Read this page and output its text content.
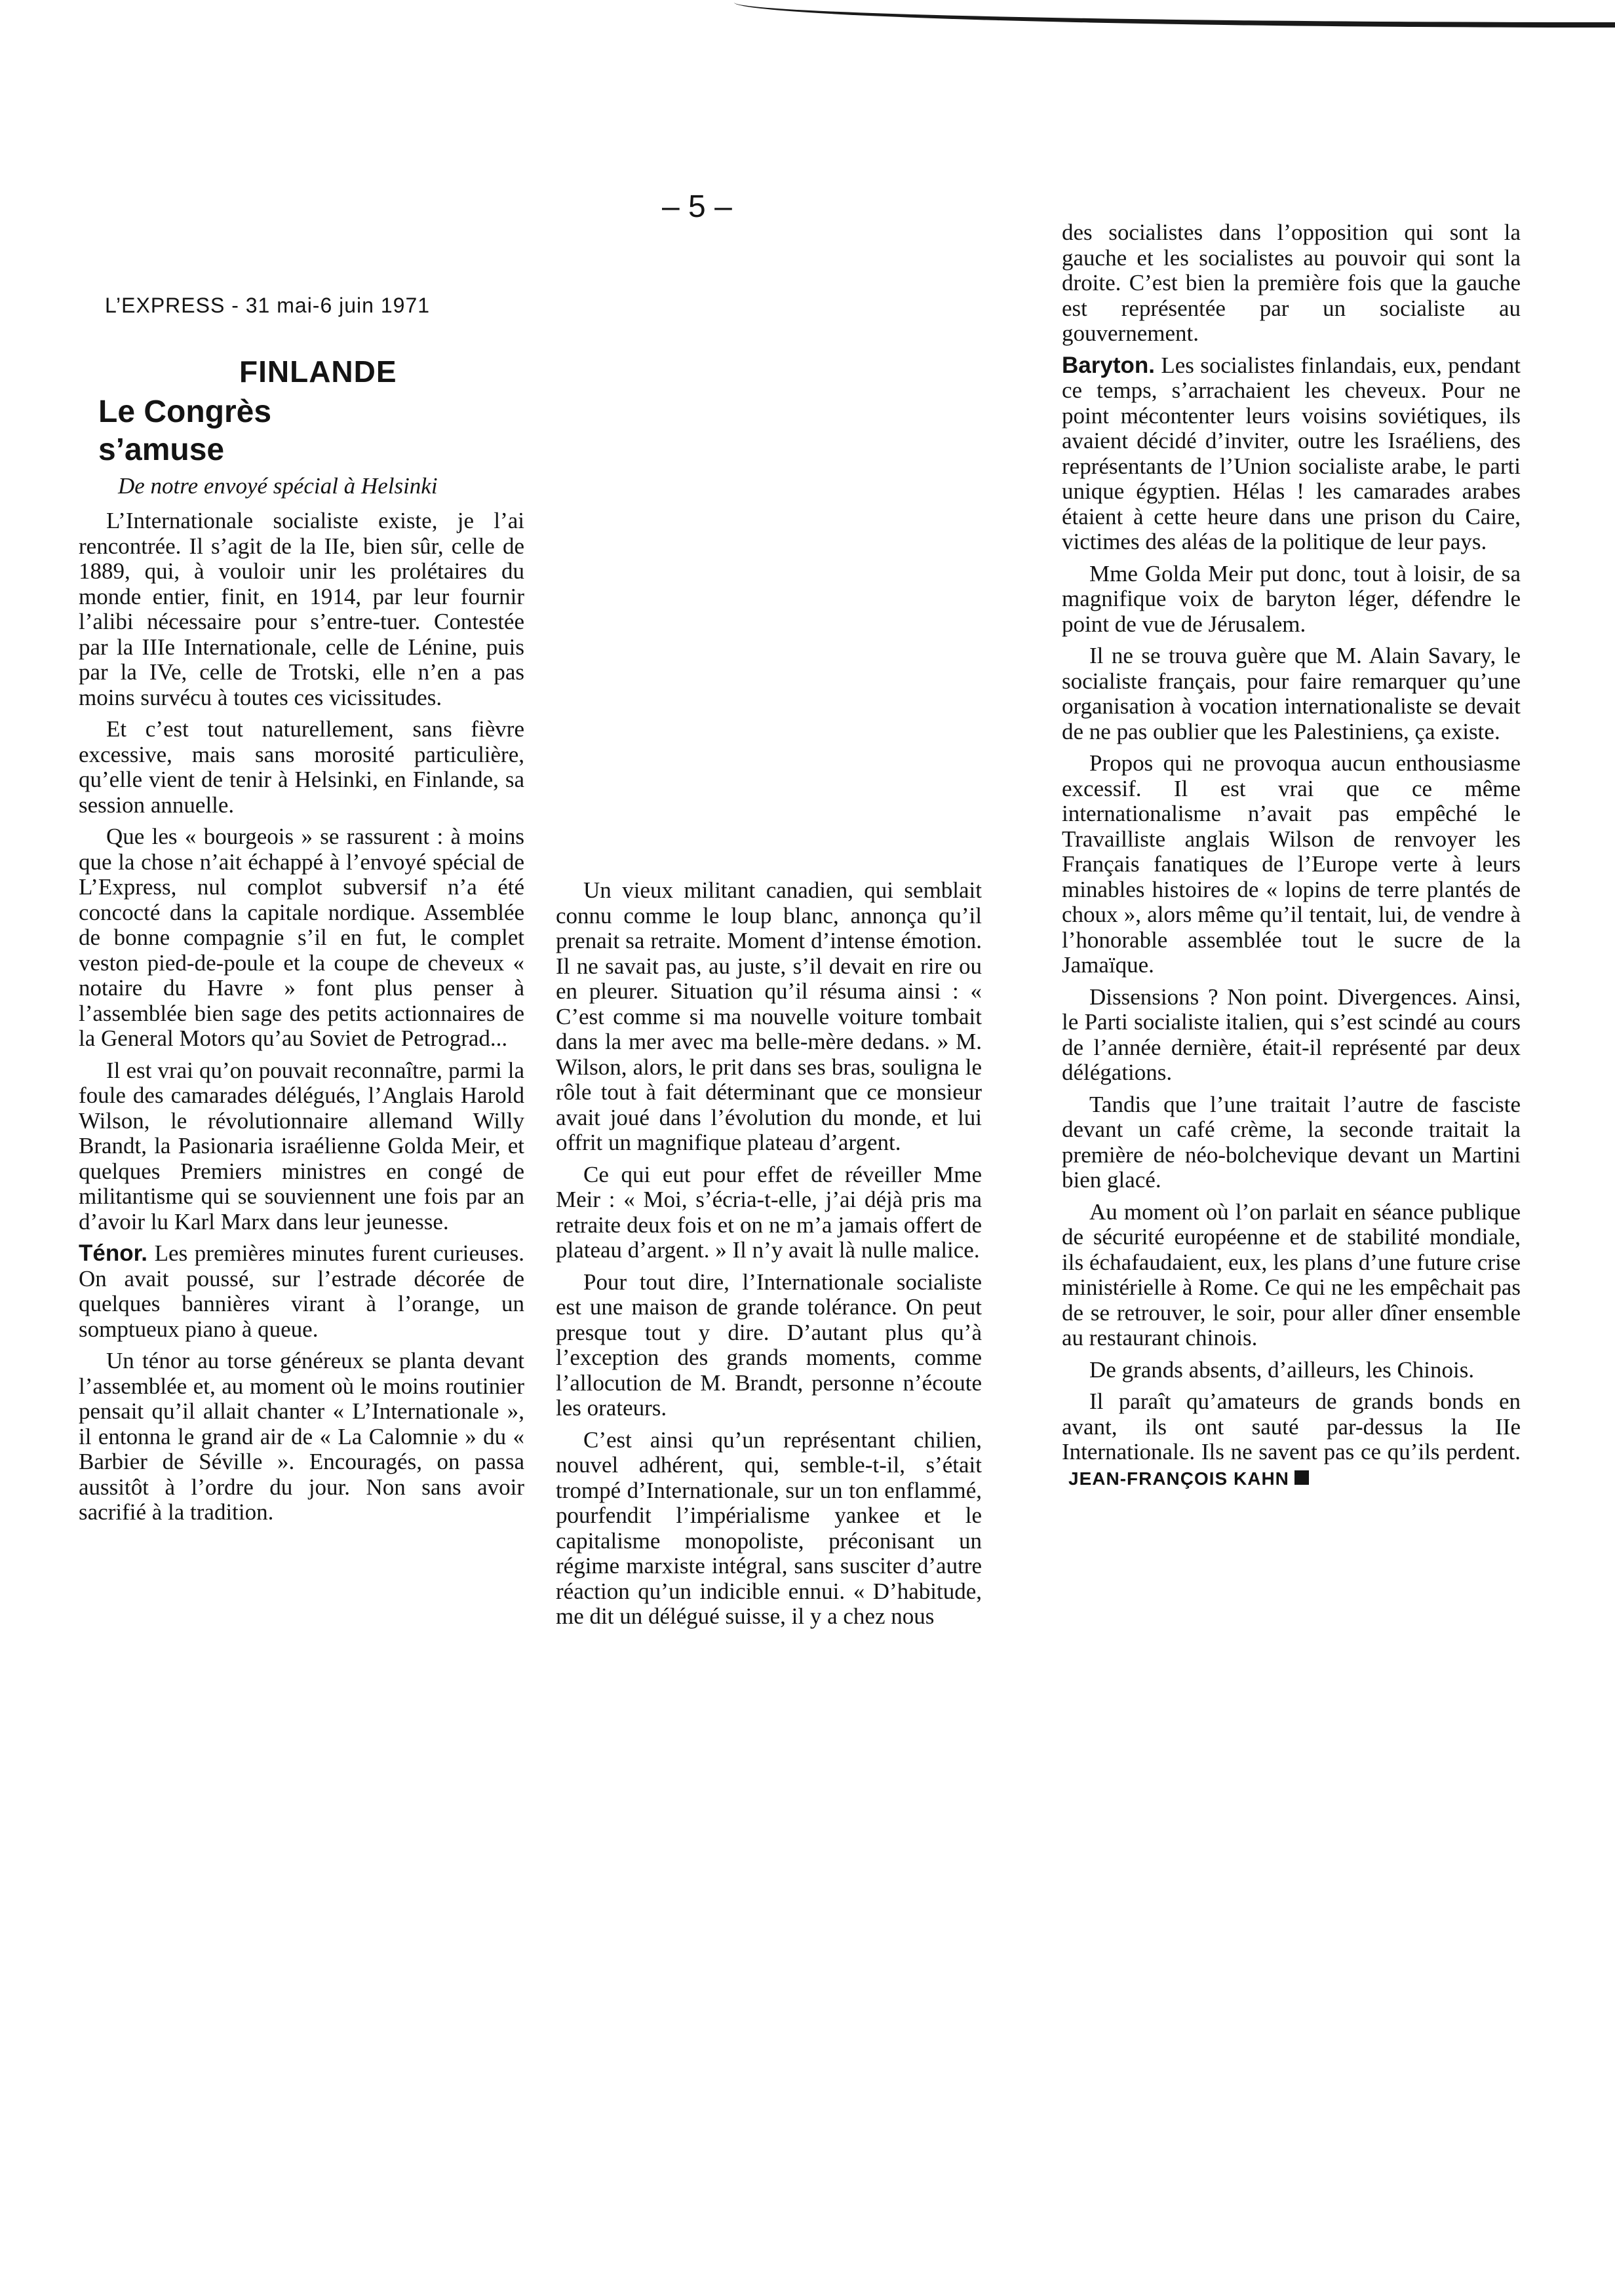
– 5 –
L’EXPRESS - 31 mai-6 juin 1971
FINLANDE
Le Congrès
s’amuse
De notre envoyé spécial à Helsinki

L’Internationale socialiste existe, je l’ai rencontrée. Il s’agit de la IIe, bien sûr, celle de 1889, qui, à vouloir unir les prolétaires du monde entier, finit, en 1914, par leur fournir l’alibi nécessaire pour s’entre-tuer. Contestée par la IIIe Internationale, celle de Lénine, puis par la IVe, celle de Trotski, elle n’en a pas moins survécu à toutes ces vicissitudes.

Et c’est tout naturellement, sans fièvre excessive, mais sans morosité particulière, qu’elle vient de tenir à Helsinki, en Finlande, sa session annuelle.

Que les « bourgeois » se rassurent : à moins que la chose n’ait échappé à l’envoyé spécial de L’Express, nul complot subversif n’a été concocté dans la capitale nordique. Assemblée de bonne compagnie s’il en fut, le complet veston pied-de-poule et la coupe de cheveux « notaire du Havre » font plus penser à l’assemblée bien sage des petits actionnaires de la General Motors qu’au Soviet de Petrograd...

Il est vrai qu’on pouvait reconnaître, parmi la foule des camarades délégués, l’Anglais Harold Wilson, le révolutionnaire allemand Willy Brandt, la Pasionaria israélienne Golda Meir, et quelques Premiers ministres en congé de militantisme qui se souviennent une fois par an d’avoir lu Karl Marx dans leur jeunesse.

Ténor. Les premières minutes furent curieuses. On avait poussé, sur l’estrade décorée de quelques bannières virant à l’orange, un somptueux piano à queue.

Un ténor au torse généreux se planta devant l’assemblée et, au moment où le moins routinier pensait qu’il allait chanter « L’Internationale », il entonna le grand air de « La Calomnie » du « Barbier de Séville ». Encouragés, on passa aussitôt à l’ordre du jour. Non sans avoir sacrifié à la tradition.

Un vieux militant canadien, qui semblait connu comme le loup blanc, annonça qu’il prenait sa retraite. Moment d’intense émotion. Il ne savait pas, au juste, s’il devait en rire ou en pleurer. Situation qu’il résuma ainsi : « C’est comme si ma nouvelle voiture tombait dans la mer avec ma belle-mère dedans. » M. Wilson, alors, le prit dans ses bras, souligna le rôle tout à fait déterminant que ce monsieur avait joué dans l’évolution du monde, et lui offrit un magnifique plateau d’argent.

Ce qui eut pour effet de réveiller Mme Meir : « Moi, s’écria-t-elle, j’ai déjà pris ma retraite deux fois et on ne m’a jamais offert de plateau d’argent. » Il n’y avait là nulle malice.

Pour tout dire, l’Internationale socialiste est une maison de grande tolérance. On peut presque tout y dire. D’autant plus qu’à l’exception des grands moments, comme l’allocution de M. Brandt, personne n’écoute les orateurs.

C’est ainsi qu’un représentant chilien, nouvel adhérent, qui, semble-t-il, s’était trompé d’Internationale, sur un ton enflammé, pourfendit l’impérialisme yankee et le capitalisme monopoliste, préconisant un régime marxiste intégral, sans susciter d’autre réaction qu’un indicible ennui. « D’habitude, me dit un délégué suisse, il y a chez nous

des socialistes dans l’opposition qui sont la gauche et les socialistes au pouvoir qui sont la droite. C’est bien la première fois que la gauche est représentée par un socialiste au gouvernement.

Baryton. Les socialistes finlandais, eux, pendant ce temps, s’arrachaient les cheveux. Pour ne point mécontenter leurs voisins soviétiques, ils avaient décidé d’inviter, outre les Israéliens, des représentants de l’Union socialiste arabe, le parti unique égyptien. Hélas ! les camarades arabes étaient à cette heure dans une prison du Caire, victimes des aléas de la politique de leur pays.

Mme Golda Meir put donc, tout à loisir, de sa magnifique voix de baryton léger, défendre le point de vue de Jérusalem.

Il ne se trouva guère que M. Alain Savary, le socialiste français, pour faire remarquer qu’une organisation à vocation internationaliste se devait de ne pas oublier que les Palestiniens, ça existe.

Propos qui ne provoqua aucun enthousiasme excessif. Il est vrai que ce même internationalisme n’avait pas empêché le Travailliste anglais Wilson de renvoyer les Français fanatiques de l’Europe verte à leurs minables histoires de « lopins de terre plantés de choux », alors même qu’il tentait, lui, de vendre à l’honorable assemblée tout le sucre de la Jamaïque.

Dissensions ? Non point. Divergences. Ainsi, le Parti socialiste italien, qui s’est scindé au cours de l’année dernière, était-il représenté par deux délégations.

Tandis que l’une traitait l’autre de fasciste devant un café crème, la seconde traitait la première de néo-bolchevique devant un Martini bien glacé.

Au moment où l’on parlait en séance publique de sécurité européenne et de stabilité mondiale, ils échafaudaient, eux, les plans d’une future crise ministérielle à Rome. Ce qui ne les empêchait pas de se retrouver, le soir, pour aller dîner ensemble au restaurant chinois.

De grands absents, d’ailleurs, les Chinois.

Il paraît qu’amateurs de grands bonds en avant, ils ont sauté par-dessus la IIe Internationale. Ils ne savent pas ce qu’ils perdent. JEAN-FRANÇOIS KAHN
